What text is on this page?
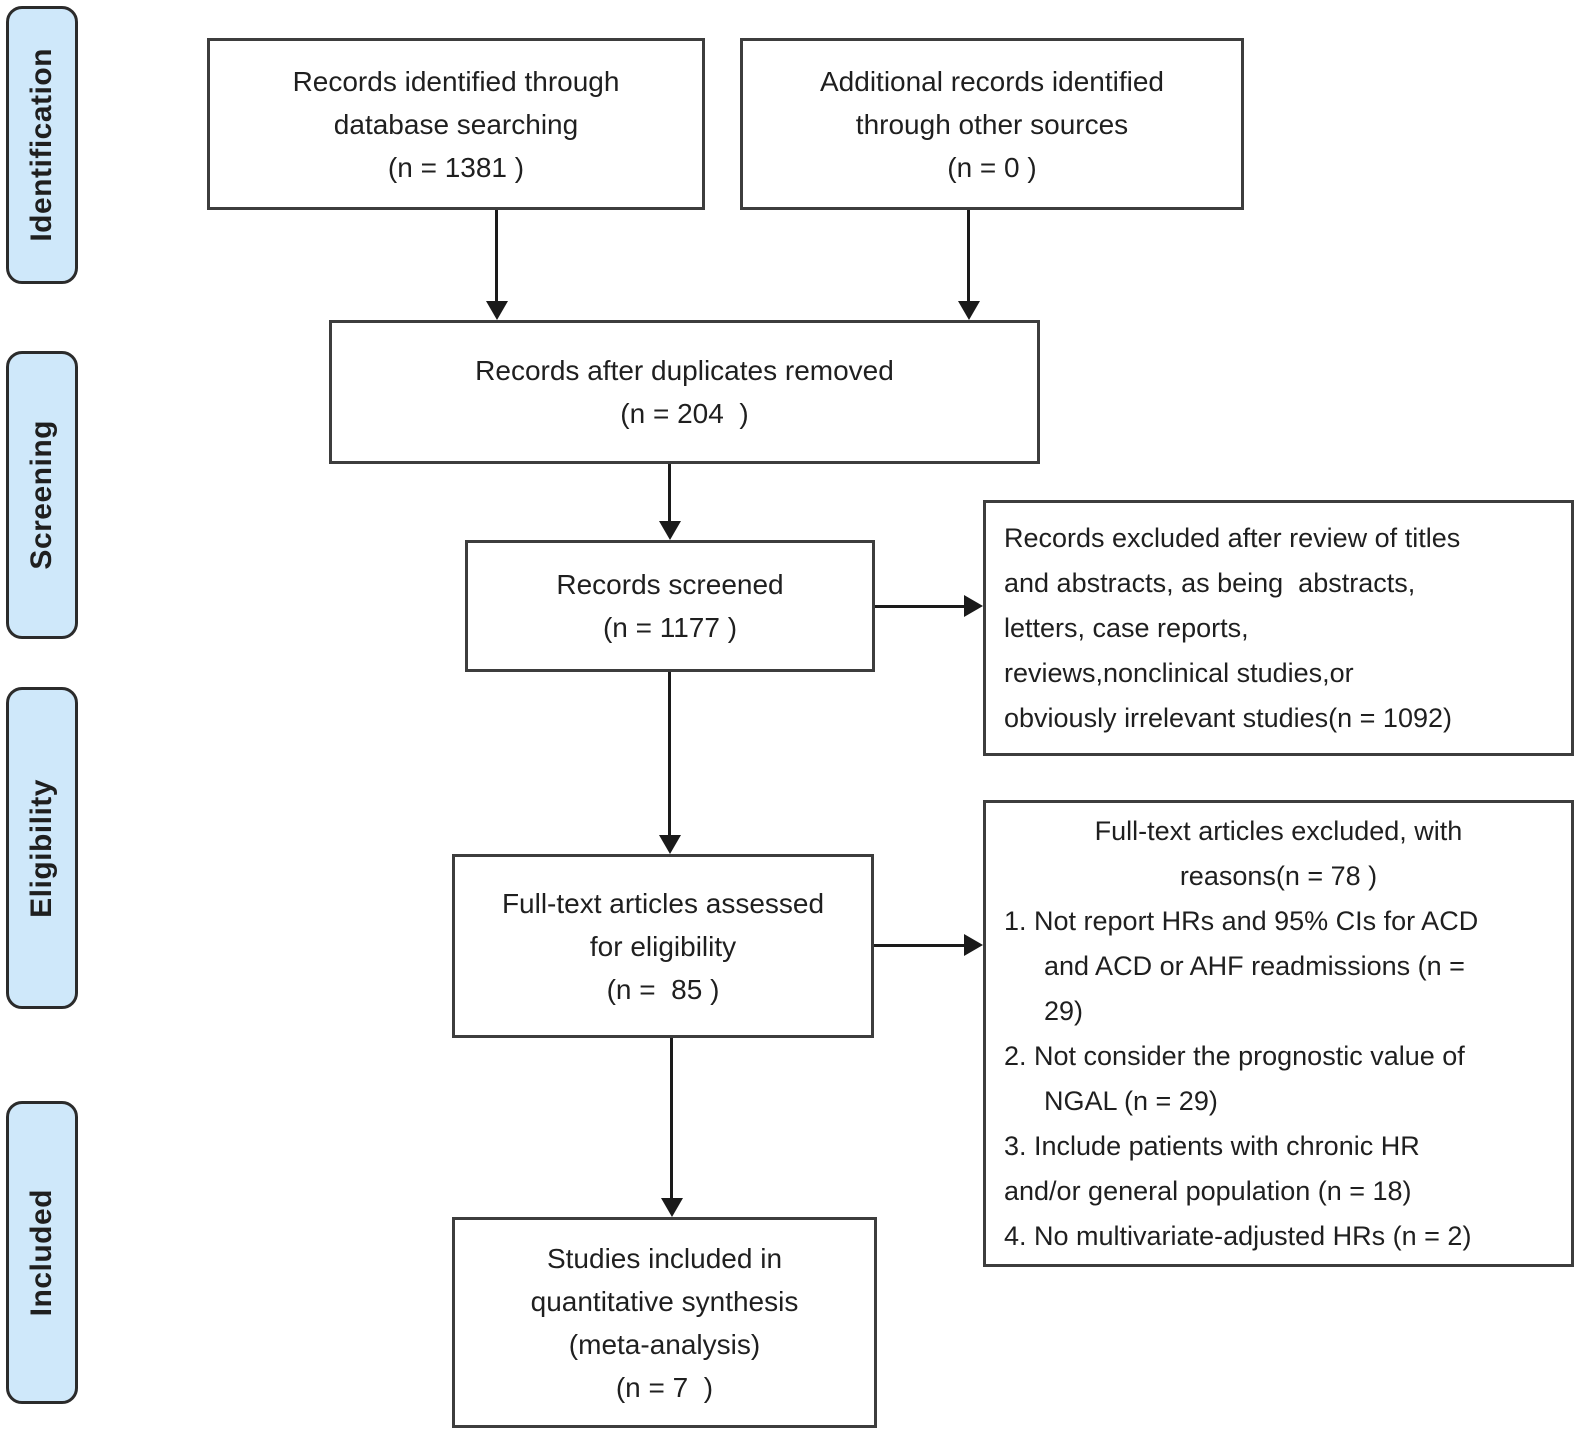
Identification
Screening
Eligibility
Included
Records identified through
database searching
(n = 1381 )
Additional records identified
through other sources
(n = 0 )
Records after duplicates removed
(n = 204  )
Records screened
(n = 1177 )
Records excluded after review of titles
and abstracts, as being  abstracts,
letters, case reports,
reviews,nonclinical studies,or
obviously irrelevant studies(n = 1092)
Full-text articles assessed
for eligibility
(n =  85 )
Full-text articles excluded, with
reasons(n = 78 )
1. Not report HRs and 95% CIs for ACD
and ACD or AHF readmissions (n =
29)
2. Not consider the prognostic value of
NGAL (n = 29)
3. Include patients with chronic HR
and/or general population (n = 18)
4. No multivariate-adjusted HRs (n = 2)
Studies included in
quantitative synthesis
(meta-analysis)
(n = 7  )
